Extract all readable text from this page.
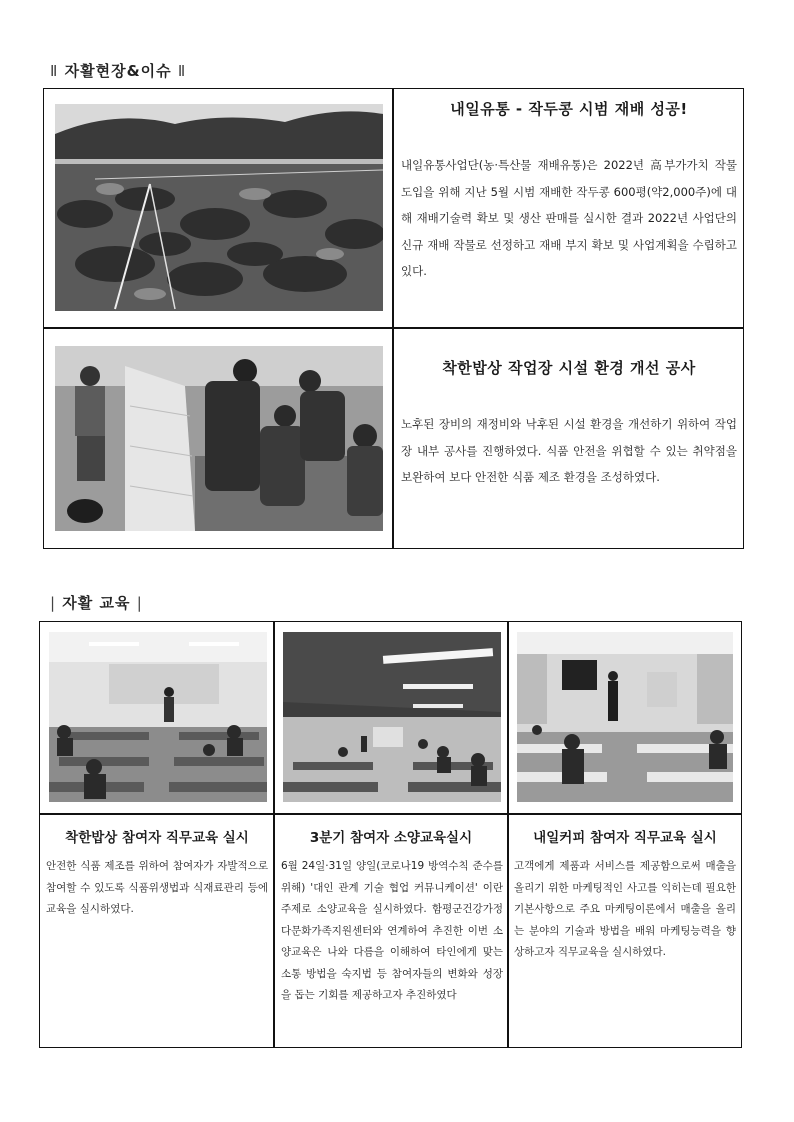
Ⅱ 자활현장&이슈 Ⅱ
내일유통 - 작두콩 시범 재배 성공!
내일유통사업단(농·특산물 재배유통)은 2022년 高부가가치 작물 도입을 위해 지난 5월 시범 재배한 작두콩 600평(약2,000주)에 대해 재배기술력 확보 및 생산 판매를 실시한 결과 2022년 사업단의 신규 재배 작물로 선정하고 재배 부지 확보 및 사업계획을 수립하고 있다.
착한밥상 작업장 시설 환경 개선 공사
노후된 장비의 재정비와 낙후된 시설 환경을 개선하기 위하여 작업장 내부 공사를 진행하였다. 식품 안전을 위협할 수 있는 취약점을 보완하여 보다 안전한 식품 제조 환경을 조성하였다.
| 자활 교육 |
착한밥상 참여자 직무교육 실시
안전한 식품 제조를 위하여 참여자가 자발적으로 참여할 수 있도록 식품위생법과 식재료관리 등에 교육을 실시하였다.
3분기 참여자 소양교육실시
6월 24일·31일 양일(코로나19 방역수칙 준수를 위해) '대인 관계 기술 협업 커뮤니케이션' 이란 주제로 소양교육을 실시하였다. 함평군건강가정다문화가족지원센터와 연계하여 추진한 이번 소양교육은 나와 다름을 이해하여 타인에게 맞는 소통 방법을 숙지법 등 참여자들의 변화와 성장을 돕는 기회를 제공하고자 추진하였다
내일커피 참여자 직무교육 실시
고객에게 제품과 서비스를 제공함으로써 매출을 올리기 위한 마케팅적인 사고를 익히는데 필요한 기본사항으로 주요 마케팅이론에서 매출을 올리는 분야의 기술과 방법을 배워 마케팅능력을 향상하고자 직무교육을 실시하였다.
